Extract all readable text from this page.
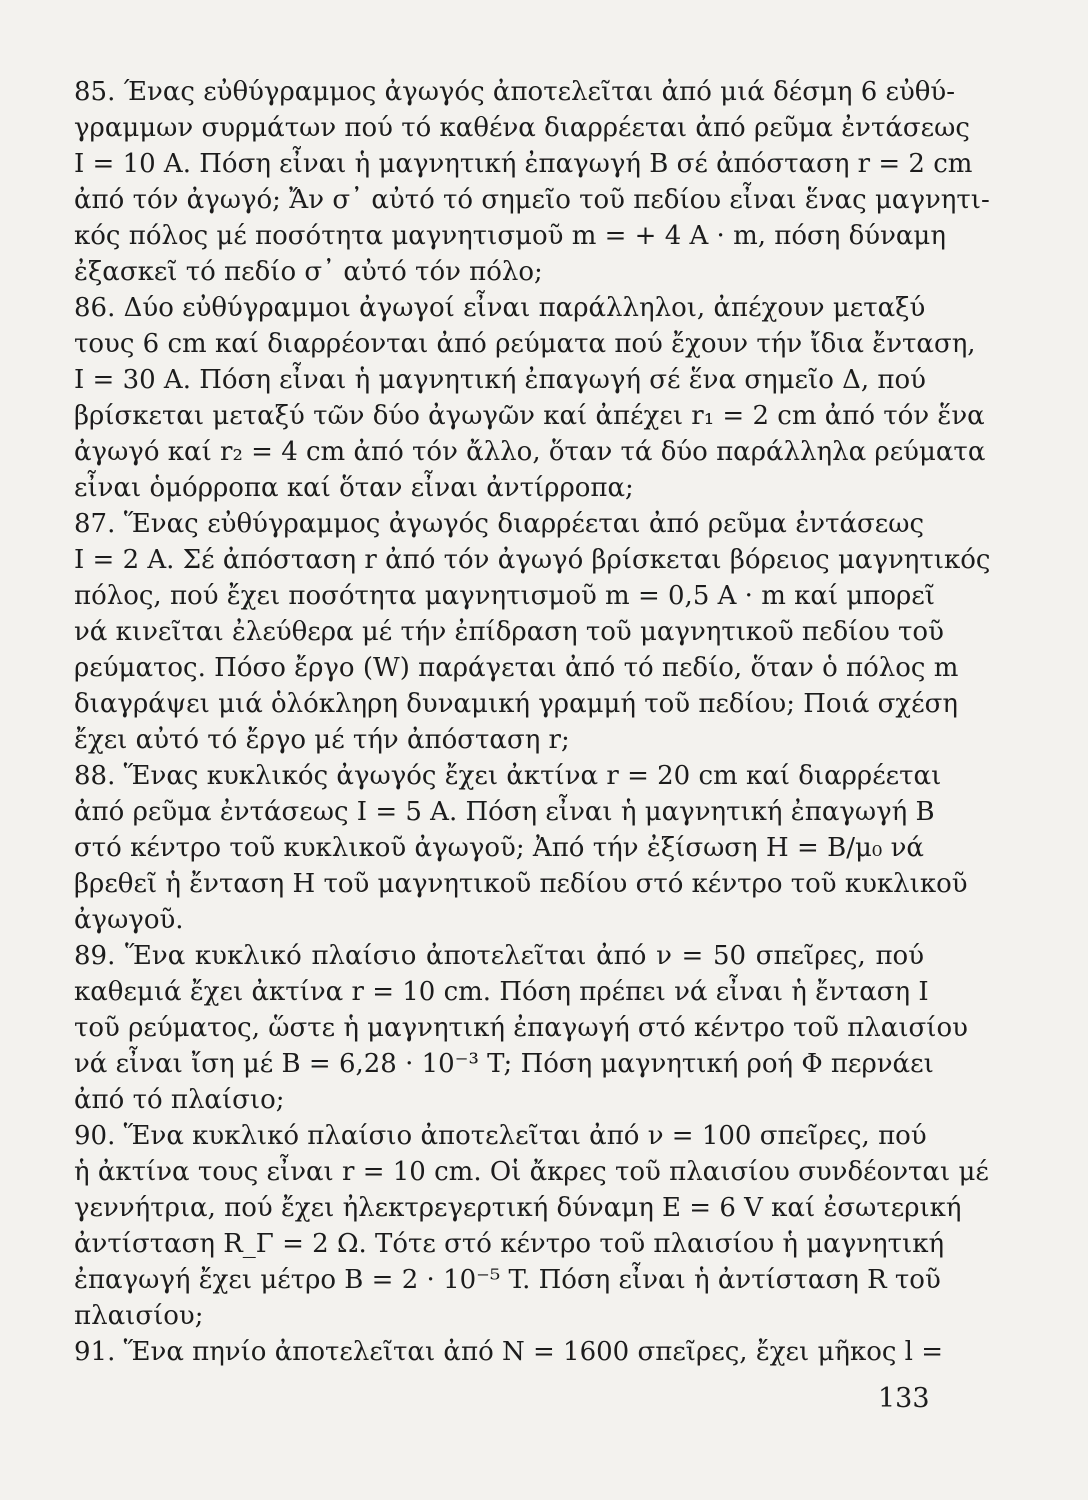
85. Ένας εὐθύγραμμος ἀγωγός ἀποτελεῖται ἀπό μιά δέσμη 6 εὐθύ-
γραμμων συρμάτων πού τό καθένα διαρρέεται ἀπό ρεῦμα ἐντάσεως
I = 10 A. Πόση εἶναι ἡ μαγνητική ἐπαγωγή B σέ ἀπόσταση r = 2 cm
ἀπό τόν ἀγωγό; Ἄν σ᾿ αὐτό τό σημεῖο τοῦ πεδίου εἶναι ἕνας μαγνητι-
κός πόλος μέ ποσότητα μαγνητισμοῦ m = + 4 A · m, πόση δύναμη
ἐξασκεῖ τό πεδίο σ᾿ αὐτό τόν πόλο;
86. Δύο εὐθύγραμμοι ἀγωγοί εἶναι παράλληλοι, ἀπέχουν μεταξύ
τους 6 cm καί διαρρέονται ἀπό ρεύματα πού ἔχουν τήν ἴδια ἔνταση,
I = 30 A. Πόση εἶναι ἡ μαγνητική ἐπαγωγή σέ ἕνα σημεῖο Δ, πού
βρίσκεται μεταξύ τῶν δύο ἀγωγῶν καί ἀπέχει r₁ = 2 cm ἀπό τόν ἕνα
ἀγωγό καί r₂ = 4 cm ἀπό τόν ἄλλο, ὅταν τά δύο παράλληλα ρεύματα
εἶναι ὁμόρροπα καί ὅταν εἶναι ἀντίρροπα;
87. Ἕνας εὐθύγραμμος ἀγωγός διαρρέεται ἀπό ρεῦμα ἐντάσεως
I = 2 A. Σέ ἀπόσταση r ἀπό τόν ἀγωγό βρίσκεται βόρειος μαγνητικός
πόλος, πού ἔχει ποσότητα μαγνητισμοῦ m = 0,5 A · m καί μπορεῖ
νά κινεῖται ἐλεύθερα μέ τήν ἐπίδραση τοῦ μαγνητικοῦ πεδίου τοῦ
ρεύματος. Πόσο ἔργο (W) παράγεται ἀπό τό πεδίο, ὅταν ὁ πόλος m
διαγράψει μιά ὁλόκληρη δυναμική γραμμή τοῦ πεδίου; Ποιά σχέση
ἔχει αὐτό τό ἔργο μέ τήν ἀπόσταση r;
88. Ἕνας κυκλικός ἀγωγός ἔχει ἀκτίνα r = 20 cm καί διαρρέεται
ἀπό ρεῦμα ἐντάσεως I = 5 A. Πόση εἶναι ἡ μαγνητική ἐπαγωγή B
στό κέντρο τοῦ κυκλικοῦ ἀγωγοῦ; Ἀπό τήν ἐξίσωση H = B/μ₀ νά
βρεθεῖ ἡ ἔνταση H τοῦ μαγνητικοῦ πεδίου στό κέντρο τοῦ κυκλικοῦ
ἀγωγοῦ.
89. Ἕνα κυκλικό πλαίσιο ἀποτελεῖται ἀπό ν = 50 σπεῖρες, πού
καθεμιά ἔχει ἀκτίνα r = 10 cm. Πόση πρέπει νά εἶναι ἡ ἔνταση I
τοῦ ρεύματος, ὥστε ἡ μαγνητική ἐπαγωγή στό κέντρο τοῦ πλαισίου
νά εἶναι ἴση μέ B = 6,28 · 10⁻³ T; Πόση μαγνητική ροή Φ περνάει
ἀπό τό πλαίσιο;
90. Ἕνα κυκλικό πλαίσιο ἀποτελεῖται ἀπό ν = 100 σπεῖρες, πού
ἡ ἀκτίνα τους εἶναι r = 10 cm. Οἱ ἄκρες τοῦ πλαισίου συνδέονται μέ
γεννήτρια, πού ἔχει ἠλεκτρεγερτική δύναμη E = 6 V καί ἐσωτερική
ἀντίσταση R_Γ = 2 Ω. Τότε στό κέντρο τοῦ πλαισίου ἡ μαγνητική
ἐπαγωγή ἔχει μέτρο B = 2 · 10⁻⁵ T. Πόση εἶναι ἡ ἀντίσταση R τοῦ
πλαισίου;
91. Ἕνα πηνίο ἀποτελεῖται ἀπό N = 1600 σπεῖρες, ἔχει μῆκος l =
133
